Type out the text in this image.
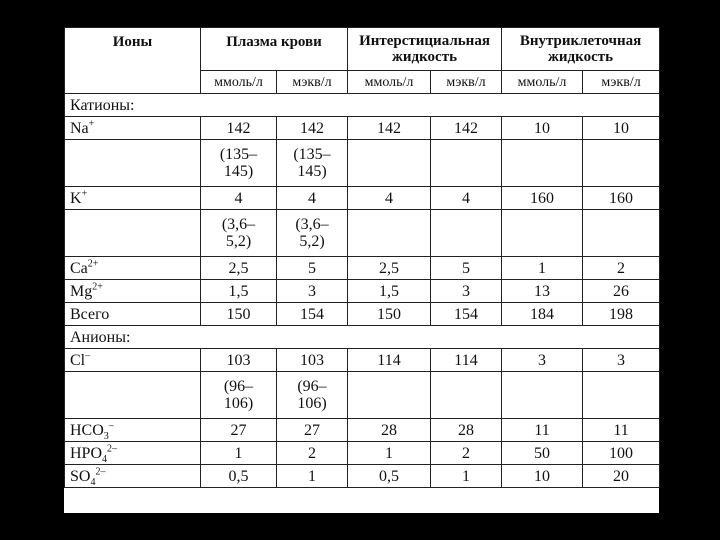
Ионы	Плазма крови		Интерстициальная жидкость		Внутриклеточная жидкость	
	ммоль/л	мэкв/л	ммоль/л	мэкв/л	ммоль/л	мэкв/л
Катионы:						
Na+	142	142	142	142	10	10
	(135–145)	(135–145)				
K+	4	4	4	4	160	160
	(3,6–5,2)	(3,6–5,2)				
$Ca^{2+}$	2,5	5	2,5	5	1	2
$Mg^{2+}$	1,5	3	1,5	3	13	26
Всего	150	154	150	154	184	198
Анионы:						
Cl–	103	103	114	114	3	3
	(96–106)	(96–106)				
$HCO_3^-$	27	27	28	28	11	11
$HPO_4^{2-}$	1	2	1	2	50	100
$SO_4^{2-}$	0,5	1	0,5	1	10	20
